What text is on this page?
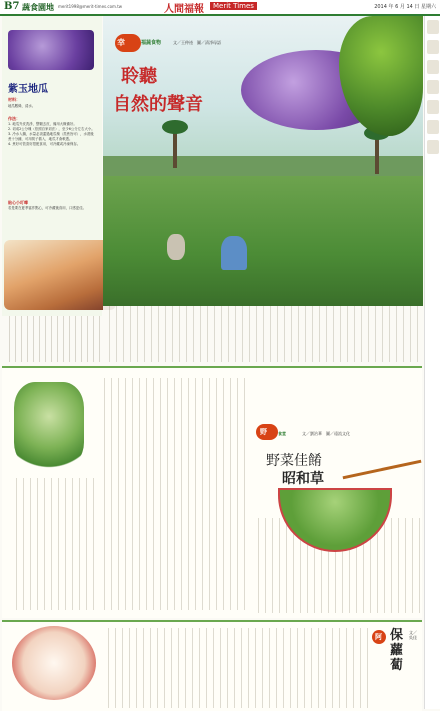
B7 蔬食園地 merit1998@merit-times.com.tw	人間福報	Merit Times	2014 年 6 月 14 日 星期六
紫玉地瓜
材料：
地瓜數條、清水。
作法：
1. 地瓜外皮洗淨，整顆去皮，備用大概備好。
2. 切成2公分塊（依照自家切法），至少6公分左右大小。
3. 冷水入鍋，水量必須蓋過地瓜塊（蒸煮皆可），水滾後煮十分鐘，可用筷子插入，地瓜才會軟透。
4. 煮好可依喜好搭配食用，可冷藏或冷凍保存。
貼心小叮嚀
若是要在夏季當作點心，可冷藏後食用，口感更佳。
幸	福蔬食物	文／王仲逵　圖／清淨母語
聆聽
自然的聲音
野	食堂	文／劉治華　圖／遠流文化
野菜佳餚
昭和草
阿 保蘿蔔
文／吳佳
